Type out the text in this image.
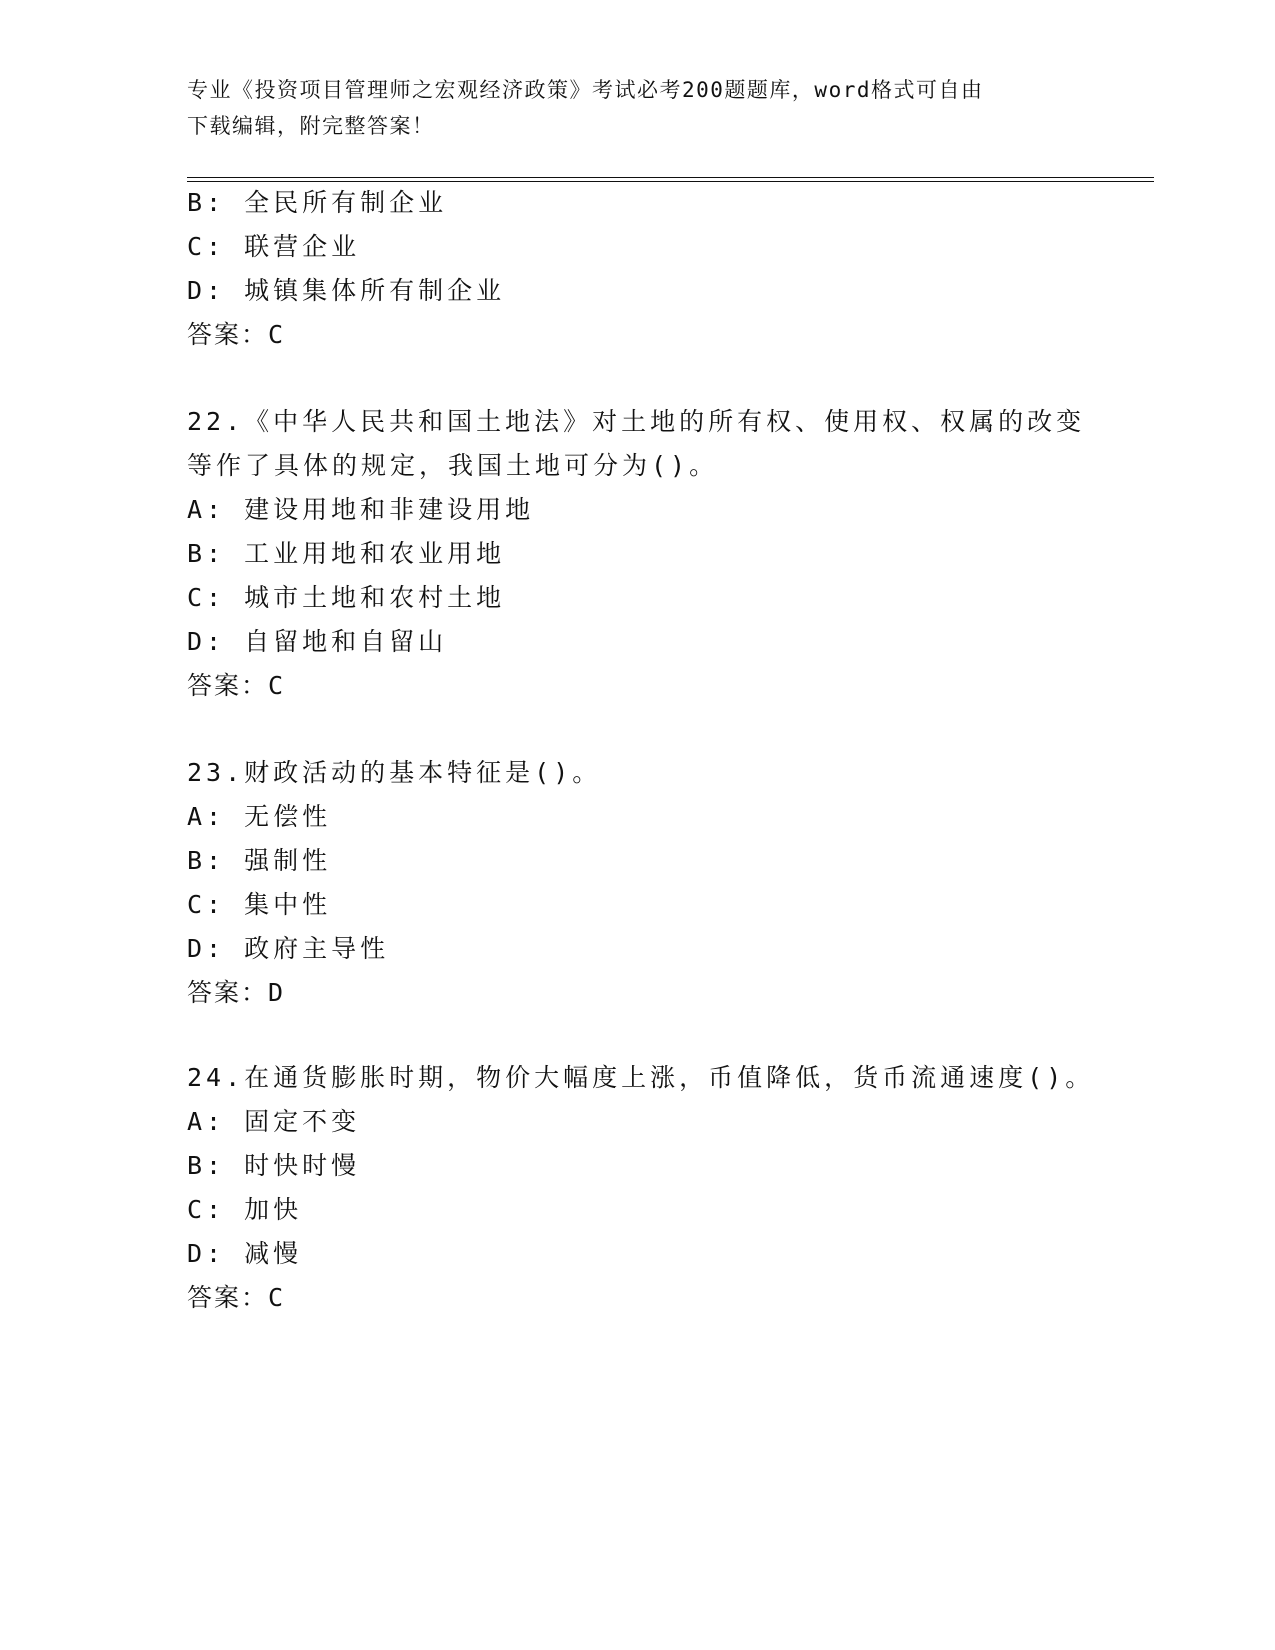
专业《投资项目管理师之宏观经济政策》考试必考200题题库，word格式可自由
下载编辑，附完整答案！
B: 全民所有制企业
C: 联营企业
D: 城镇集体所有制企业
答案：C
22.《中华人民共和国土地法》对土地的所有权、使用权、权属的改变
等作了具体的规定，我国土地可分为()。
A: 建设用地和非建设用地
B: 工业用地和农业用地
C: 城市土地和农村土地
D: 自留地和自留山
答案：C
23.财政活动的基本特征是()。
A: 无偿性
B: 强制性
C: 集中性
D: 政府主导性
答案：D
24.在通货膨胀时期，物价大幅度上涨，币值降低，货币流通速度()。
A: 固定不变
B: 时快时慢
C: 加快
D: 减慢
答案：C
